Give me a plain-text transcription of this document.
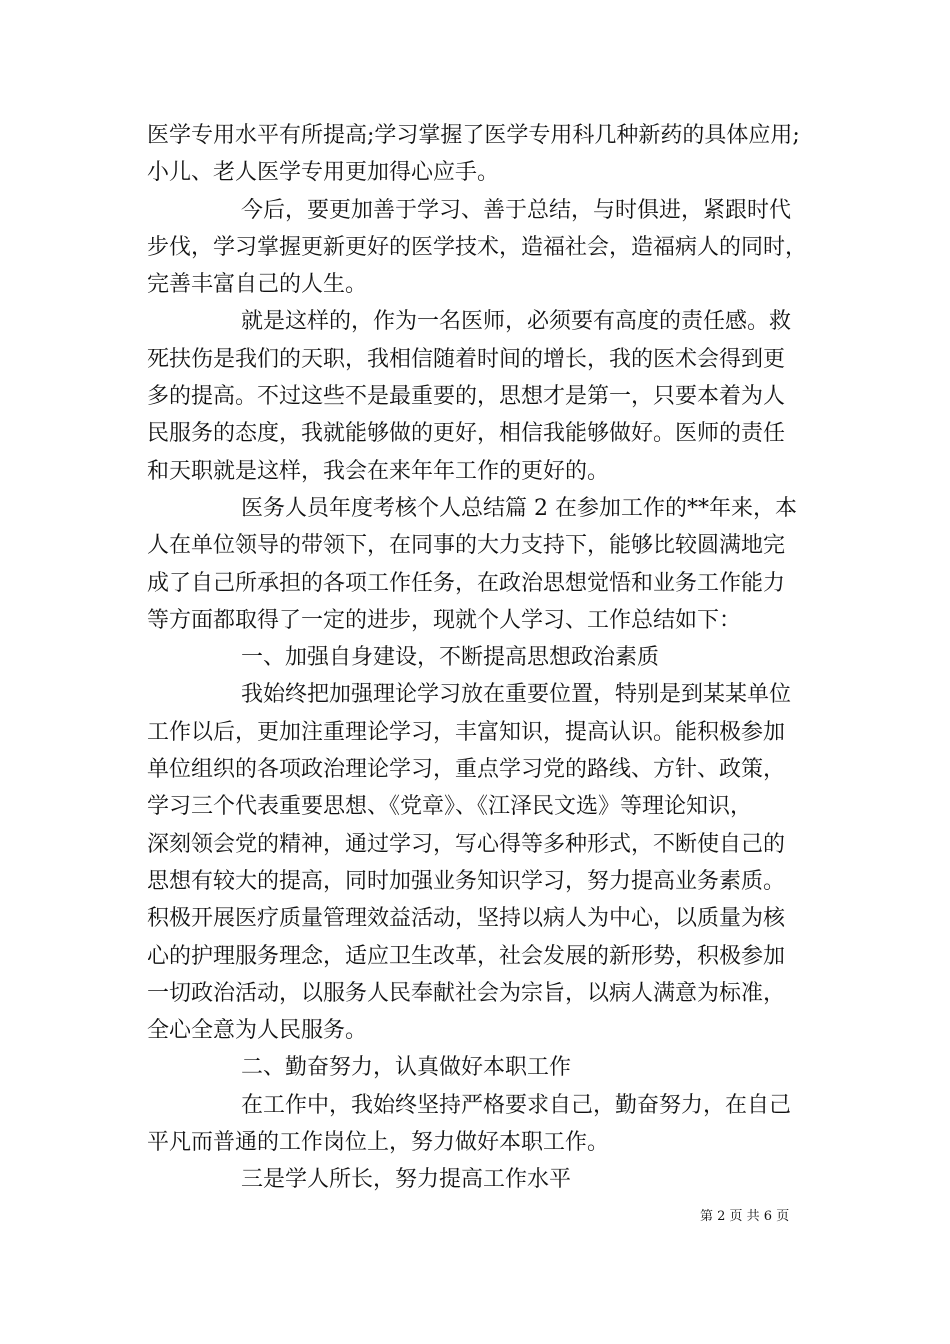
医学专用水平有所提高;学习掌握了医学专用科几种新药的具体应用;
小儿、老人医学专用更加得心应手。

今后，要更加善于学习、善于总结，与时俱进，紧跟时代
步伐，学习掌握更新更好的医学技术，造福社会，造福病人的同时，
完善丰富自己的人生。

就是这样的，作为一名医师，必须要有高度的责任感。救
死扶伤是我们的天职，我相信随着时间的增长，我的医术会得到更
多的提高。不过这些不是最重要的，思想才是第一，只要本着为人
民服务的态度，我就能够做的更好，相信我能够做好。医师的责任
和天职就是这样，我会在来年年工作的更好的。

医务人员年度考核个人总结篇 2 在参加工作的**年来，本
人在单位领导的带领下，在同事的大力支持下，能够比较圆满地完
成了自己所承担的各项工作任务，在政治思想觉悟和业务工作能力
等方面都取得了一定的进步，现就个人学习、工作总结如下：

一、加强自身建设，不断提高思想政治素质

我始终把加强理论学习放在重要位置，特别是到某某单位
工作以后，更加注重理论学习，丰富知识，提高认识。能积极参加
单位组织的各项政治理论学习，重点学习党的路线、方针、政策，
学习三个代表重要思想、《党章》、《江泽民文选》等理论知识，
深刻领会党的精神，通过学习，写心得等多种形式，不断使自己的
思想有较大的提高，同时加强业务知识学习，努力提高业务素质。
积极开展医疗质量管理效益活动，坚持以病人为中心，以质量为核
心的护理服务理念，适应卫生改革，社会发展的新形势，积极参加
一切政治活动，以服务人民奉献社会为宗旨，以病人满意为标准，
全心全意为人民服务。

二、勤奋努力，认真做好本职工作

在工作中，我始终坚持严格要求自己，勤奋努力，在自己
平凡而普通的工作岗位上，努力做好本职工作。

三是学人所长，努力提高工作水平

第 2 页 共 6 页
